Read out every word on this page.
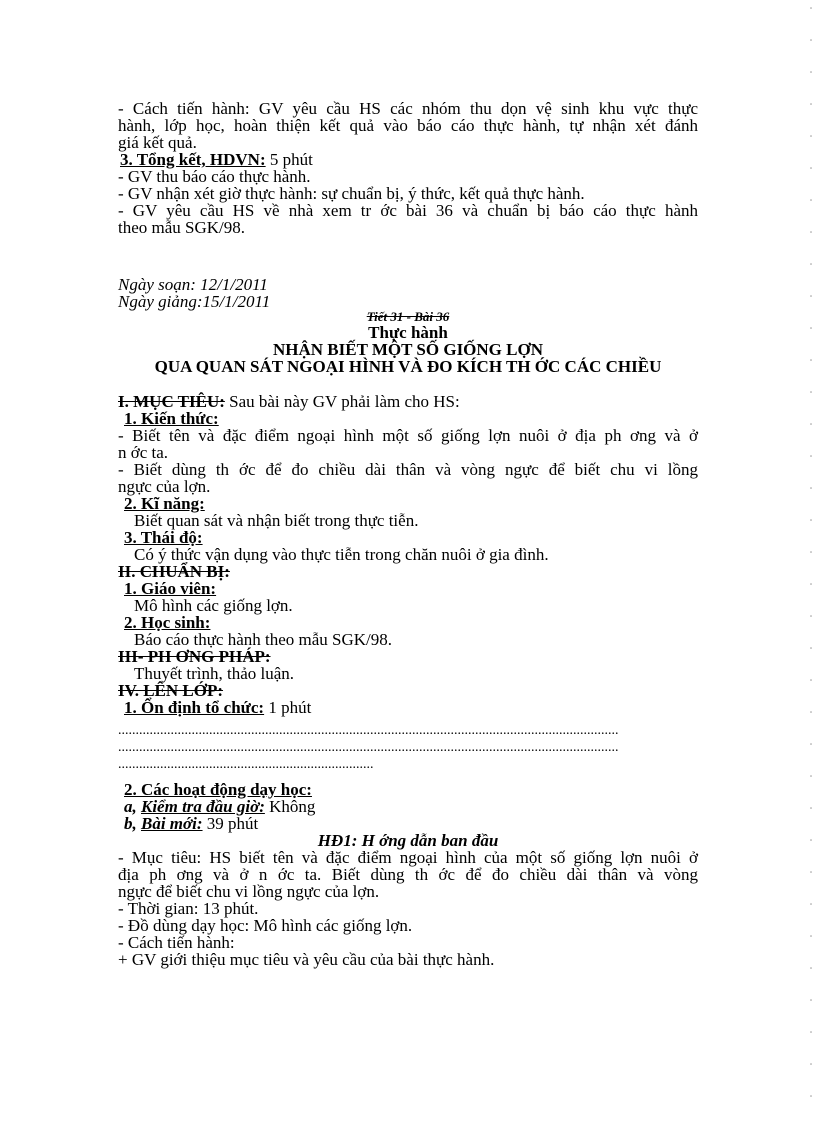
- Cách tiến hành: GV yêu cầu HS các nhóm thu dọn vệ sinh khu vực thực
hành, lớp học, hoàn thiện kết quả vào báo cáo thực hành, tự nhận xét đánh
giá kết quả.
3. Tổng kết, HDVN: 5 phút
- GV thu báo cáo thực hành.
- GV nhận xét giờ thực hành: sự chuẩn bị, ý thức, kết quả thực hành.
- GV yêu cầu HS về nhà xem tr ớc bài 36 và chuẩn bị báo cáo thực hành
theo mẫu SGK/98.
Ngày soạn: 12/1/2011
Ngày giảng:15/1/2011
Tiết 31 - Bài 36
Thực hành
NHẬN BIẾT MỘT SỐ GIỐNG LỢN
QUA QUAN SÁT NGOẠI HÌNH VÀ ĐO KÍCH TH ỚC CÁC CHIỀU
I. MỤC TIÊU: Sau bài này GV phải làm cho HS:
1. Kiến thức:
- Biết tên và đặc điểm ngoại hình một số giống lợn nuôi ở địa ph ơng và ở
n ớc ta.
- Biết dùng th ớc để đo chiều dài thân và vòng ngực để biết chu vi lồng
ngực của lợn.
2. Kĩ năng:
Biết quan sát và nhận biết trong thực tiễn.
3. Thái độ:
Có ý thức vận dụng vào thực tiễn trong chăn nuôi ở gia đình.
II. CHUẨN BỊ:
1. Giáo viên:
Mô hình các giống lợn.
2. Học sinh:
Báo cáo thực hành theo mẫu SGK/98.
III- PH ƠNG PHÁP:
Thuyết trình, thảo luận.
IV. LÊN LỚP:
1. Ổn định tổ chức: 1 phút
...............................................................................................................................................
...............................................................................................................................................
.........................................................................
2. Các hoạt động dạy học:
a, Kiểm tra đầu giờ: Không
b, Bài mới: 39 phút
HĐ1: H ớng dẫn ban đầu
- Mục tiêu: HS biết tên và đặc điểm ngoại hình của một số giống lợn nuôi ở
địa ph ơng và ở n ớc ta. Biết dùng th ớc để đo chiều dài thân và vòng
ngực để biết chu vi lồng ngực của lợn.
- Thời gian: 13 phút.
- Đồ dùng dạy học: Mô hình các giống lợn.
- Cách tiến hành:
+ GV giới thiệu mục tiêu và yêu cầu của bài thực hành.
